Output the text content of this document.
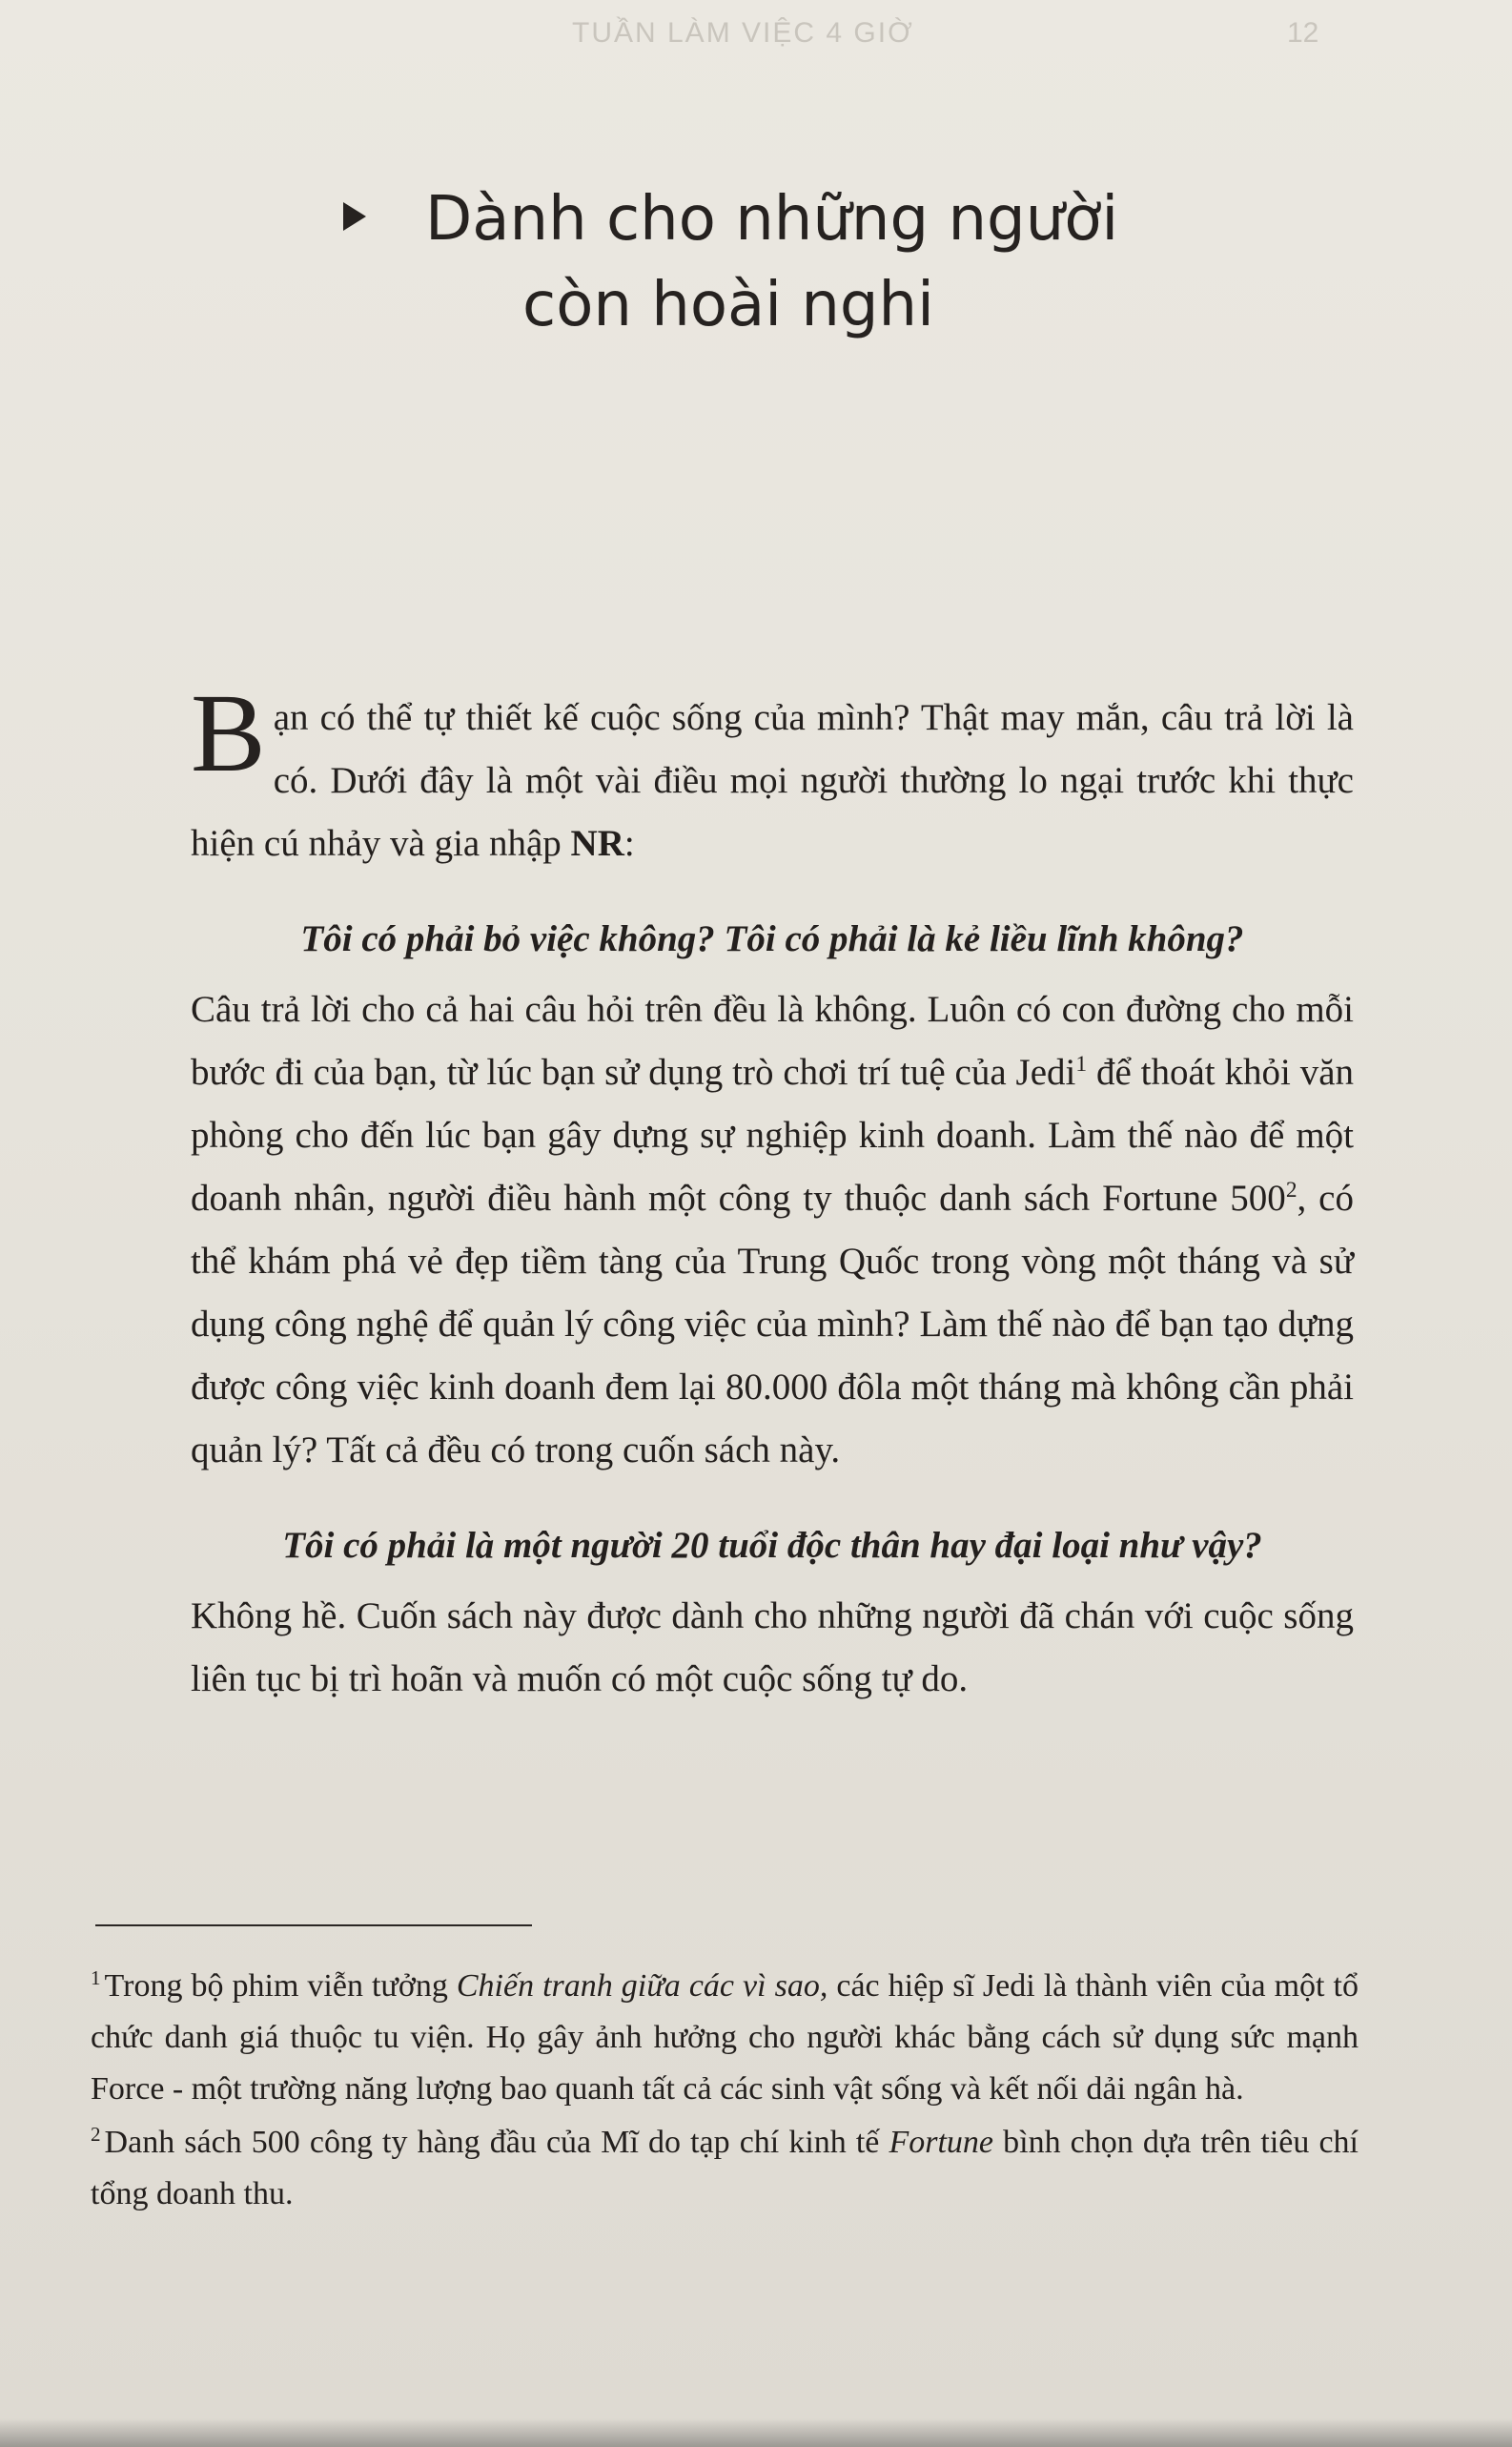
TUẦN LÀM VIỆC 4 GIỜ	12
Dành cho những người
còn hoài nghi

Bạn có thể tự thiết kế cuộc sống của mình? Thật may mắn, câu trả lời là có. Dưới đây là một vài điều mọi người thường lo ngại trước khi thực hiện cú nhảy và gia nhập NR:

Tôi có phải bỏ việc không? Tôi có phải là kẻ liều lĩnh không?

Câu trả lời cho cả hai câu hỏi trên đều là không. Luôn có con đường cho mỗi bước đi của bạn, từ lúc bạn sử dụng trò chơi trí tuệ của Jedi$^1$ để thoát khỏi văn phòng cho đến lúc bạn gây dựng sự nghiệp kinh doanh. Làm thế nào để một doanh nhân, người điều hành một công ty thuộc danh sách Fortune $500^2$, có thể khám phá vẻ đẹp tiềm tàng của Trung Quốc trong vòng một tháng và sử dụng công nghệ để quản lý công việc của mình? Làm thế nào để bạn tạo dựng được công việc kinh doanh đem lại 80.000 đôla một tháng mà không cần phải quản lý? Tất cả đều có trong cuốn sách này.

Tôi có phải là một người 20 tuổi độc thân hay đại loại như vậy?

Không hề. Cuốn sách này được dành cho những người đã chán với cuộc sống liên tục bị trì hoãn và muốn có một cuộc sống tự do.

$^1$ Trong bộ phim viễn tưởng Chiến tranh giữa các vì sao, các hiệp sĩ Jedi là thành viên của một tổ chức danh giá thuộc tu viện. Họ gây ảnh hưởng cho người khác bằng cách sử dụng sức mạnh Force - một trường năng lượng bao quanh tất cả các sinh vật sống và kết nối dải ngân hà.

$^2$ Danh sách 500 công ty hàng đầu của Mĩ do tạp chí kinh tế Fortune bình chọn dựa trên tiêu chí tổng doanh thu.
